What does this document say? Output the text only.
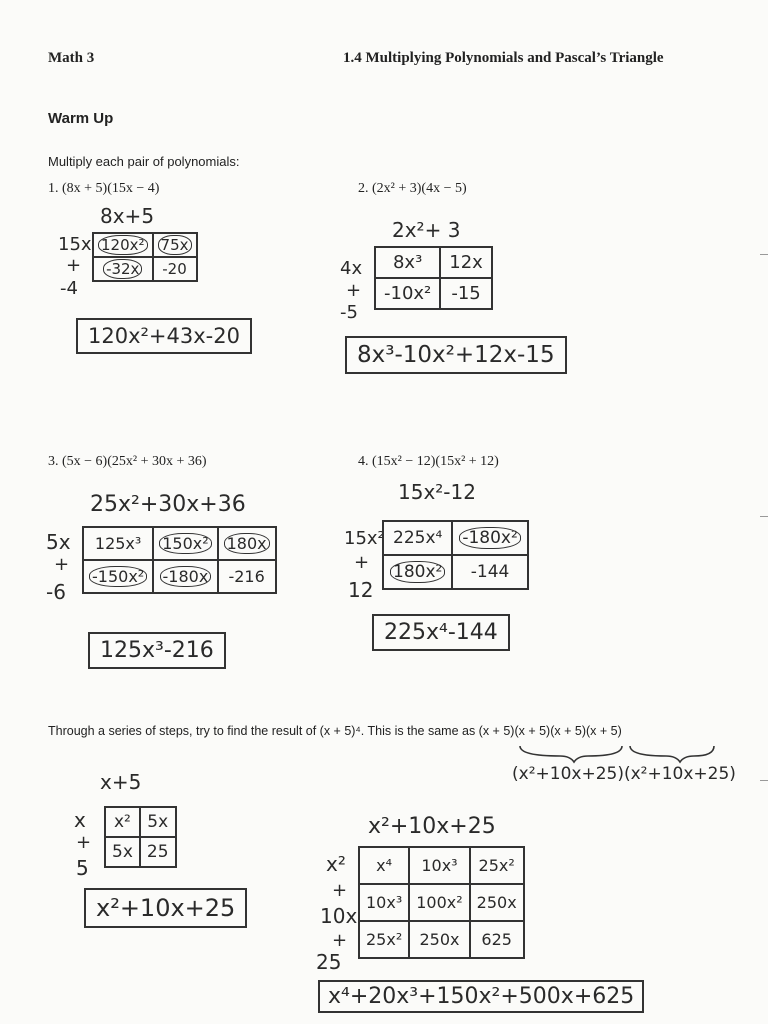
Math 3	1.4 Multiplying Polynomials and Pascal’s Triangle
Warm Up
Multiply each pair of polynomials:
1. (8x + 5)(15x − 4)
8x+5
15x
+
-4
120x²	75x
-32x	-20
120x²+43x-20
2. (2x² + 3)(4x − 5)
2x²+ 3
4x
+
-5
8x³	12x
-10x²	-15
8x³-10x²+12x-15
3. (5x − 6)(25x² + 30x + 36)
25x²+30x+36
5x
+
-6
125x³	150x²	180x
-150x²	-180x	-216
125x³-216
4. (15x² − 12)(15x² + 12)
15x²-12
15x²
+
12
225x⁴	-180x²
180x²	-144
225x⁴-144
Through a series of steps, try to find the result of (x + 5)⁴. This is the same as (x + 5)(x + 5)(x + 5)(x + 5)
(x²+10x+25)(x²+10x+25)
x+5
x
+
5
x²	5x
5x	25
x²+10x+25
x²+10x+25
x²
+
10x
+
25
x⁴	10x³	25x²
10x³	100x²	250x
25x²	250x	625
x⁴+20x³+150x²+500x+625
